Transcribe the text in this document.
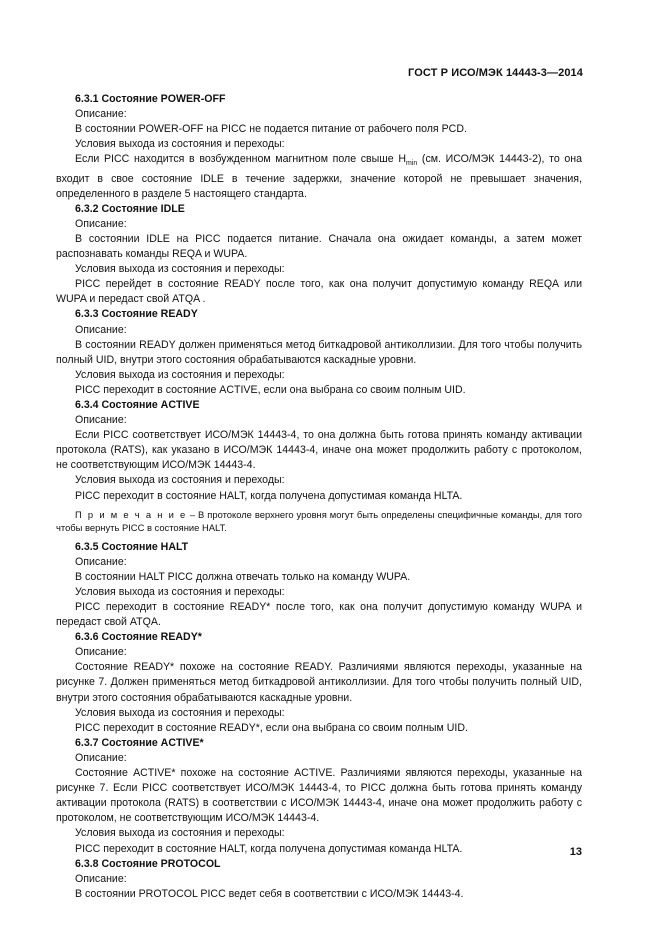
ГОСТ Р ИСО/МЭК 14443-3—2014

6.3.1 Состояние POWER-OFF

Описание:

В состоянии POWER-OFF на PICC не подается питание от рабочего поля PCD.

Условия выхода из состояния и переходы:

Если PICC находится в возбужденном магнитном поле свыше $H_{min}$ (см. ИСО/МЭК 14443-2), то она входит в свое состояние IDLE в течение задержки, значение которой не превышает значения, определенного в разделе 5 настоящего стандарта.

6.3.2 Состояние IDLE

Описание:

В состоянии IDLE на PICC подается питание. Сначала она ожидает команды, а затем может распознавать команды REQA и WUPA.

Условия выхода из состояния и переходы:

PICC перейдет в состояние READY после того, как она получит допустимую команду REQA или WUPA и передаст свой ATQA .

6.3.3 Состояние READY

Описание:

В состоянии READY должен применяться метод биткадровой антиколлизии. Для того чтобы получить полный UID, внутри этого состояния обрабатываются каскадные уровни.

Условия выхода из состояния и переходы:

PICC переходит в состояние ACTIVE, если она выбрана со своим полным UID.

6.3.4 Состояние ACTIVE

Описание:

Если PICC соответствует ИСО/МЭК 14443-4, то она должна быть готова принять команду активации протокола (RATS), как указано в ИСО/МЭК 14443-4, иначе она может продолжить работу с протоколом, не соответствующим ИСО/МЭК 14443-4.

Условия выхода из состояния и переходы:

PICC переходит в состояние HALT, когда получена допустимая команда HLTA.

П р и м е ч а н и е – В протоколе верхнего уровня могут быть определены специфичные команды, для того чтобы вернуть PICC в состояние HALT.

6.3.5 Состояние HALT

Описание:

В состоянии HALT PICC должна отвечать только на команду WUPA.

Условия выхода из состояния и переходы:

PICC переходит в состояние READY* после того, как она получит допустимую команду WUPA и передаст свой ATQA.

6.3.6 Состояние READY*

Описание:

Состояние READY* похоже на состояние READY. Различиями являются переходы, указанные на рисунке 7. Должен применяться метод биткадровой антиколлизии. Для того чтобы получить полный UID, внутри этого состояния обрабатываются каскадные уровни.

Условия выхода из состояния и переходы:

PICC переходит в состояние READY*, если она выбрана со своим полным UID.

6.3.7 Состояние ACTIVE*

Описание:

Состояние ACTIVE* похоже на состояние ACTIVE. Различиями являются переходы, указанные на рисунке 7. Если PICC соответствует ИСО/МЭК 14443-4, то PICC должна быть готова принять команду активации протокола (RATS) в соответствии с ИСО/МЭК 14443-4, иначе она может продолжить работу с протоколом, не соответствующим ИСО/МЭК 14443-4.

Условия выхода из состояния и переходы:

PICC переходит в состояние HALT, когда получена допустимая команда HLTA.

6.3.8 Состояние PROTOCOL

Описание:

В состоянии PROTOCOL PICC ведет себя в соответствии с ИСО/МЭК 14443-4.

13
